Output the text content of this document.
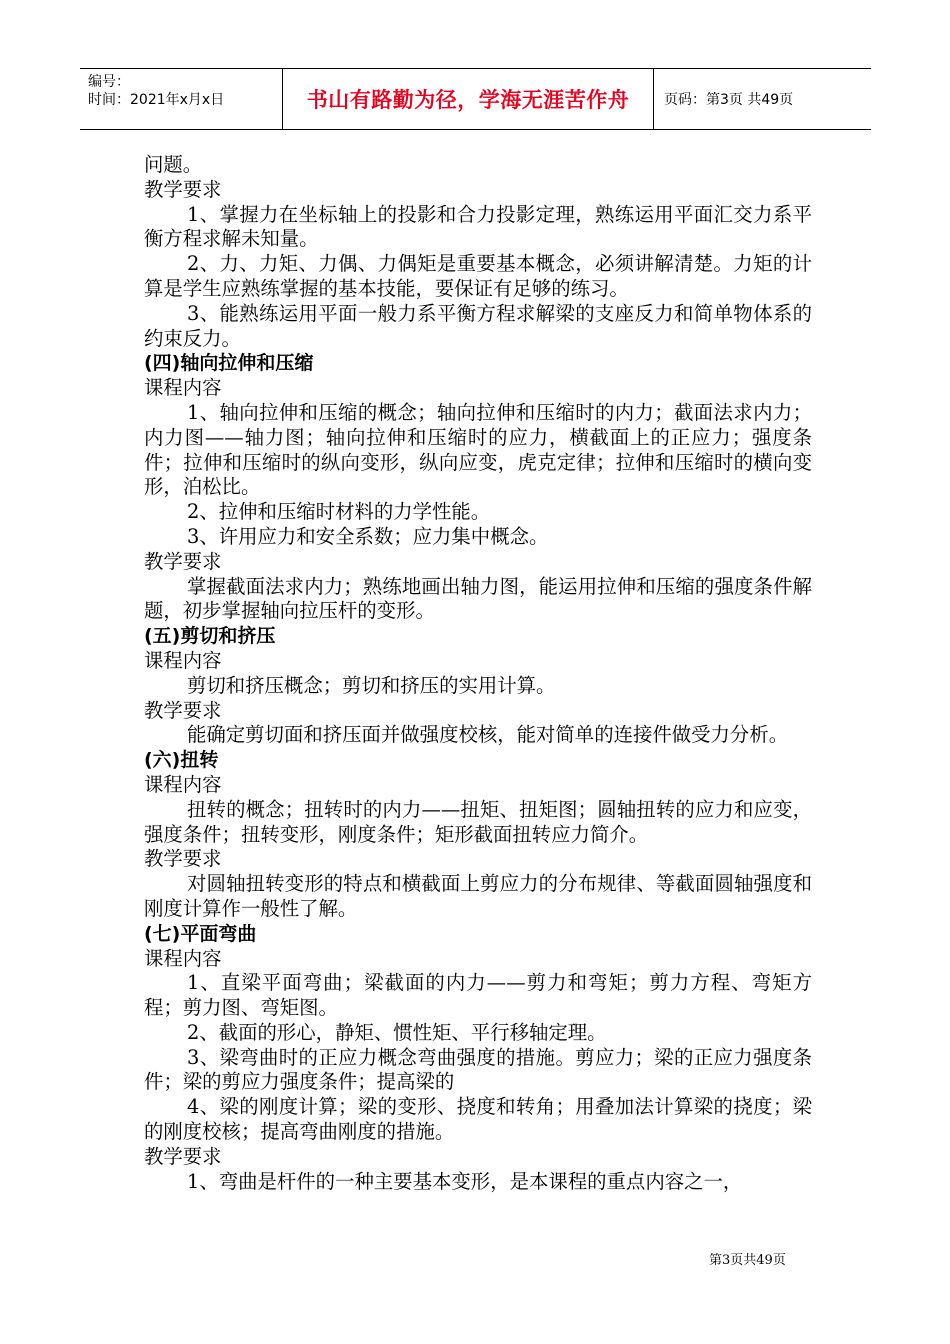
编号：
时间：2021年x月x日	书山有路勤为径，学海无涯苦作舟	页码：第3页 共49页

问题。

教学要求

1、掌握力在坐标轴上的投影和合力投影定理，熟练运用平面汇交力系平衡方程求解未知量。

2、力、力矩、力偶、力偶矩是重要基本概念，必须讲解清楚。力矩的计算是学生应熟练掌握的基本技能，要保证有足够的练习。

3、能熟练运用平面一般力系平衡方程求解梁的支座反力和简单物体系的约束反力。

(四)轴向拉伸和压缩

课程内容

1、轴向拉伸和压缩的概念；轴向拉伸和压缩时的内力；截面法求内力；内力图——轴力图；轴向拉伸和压缩时的应力，横截面上的正应力；强度条件；拉伸和压缩时的纵向变形，纵向应变，虎克定律；拉伸和压缩时的横向变形，泊松比。

2、拉伸和压缩时材料的力学性能。

3、许用应力和安全系数；应力集中概念。

教学要求

掌握截面法求内力；熟练地画出轴力图，能运用拉伸和压缩的强度条件解题，初步掌握轴向拉压杆的变形。

(五)剪切和挤压

课程内容

剪切和挤压概念；剪切和挤压的实用计算。

教学要求

能确定剪切面和挤压面并做强度校核，能对简单的连接件做受力分析。

(六)扭转

课程内容

扭转的概念；扭转时的内力——扭矩、扭矩图；圆轴扭转的应力和应变，强度条件；扭转变形，刚度条件；矩形截面扭转应力简介。

教学要求

对圆轴扭转变形的特点和横截面上剪应力的分布规律、等截面圆轴强度和刚度计算作一般性了解。

(七)平面弯曲

课程内容

1、直梁平面弯曲；梁截面的内力——剪力和弯矩；剪力方程、弯矩方程；剪力图、弯矩图。

2、截面的形心，静矩、惯性矩、平行移轴定理。

3、梁弯曲时的正应力概念弯曲强度的措施。剪应力；梁的正应力强度条件；梁的剪应力强度条件；提高梁的

4、梁的刚度计算；梁的变形、挠度和转角；用叠加法计算梁的挠度；梁的刚度校核；提高弯曲刚度的措施。

教学要求

1、弯曲是杆件的一种主要基本变形，是本课程的重点内容之一，

第3页共49页
